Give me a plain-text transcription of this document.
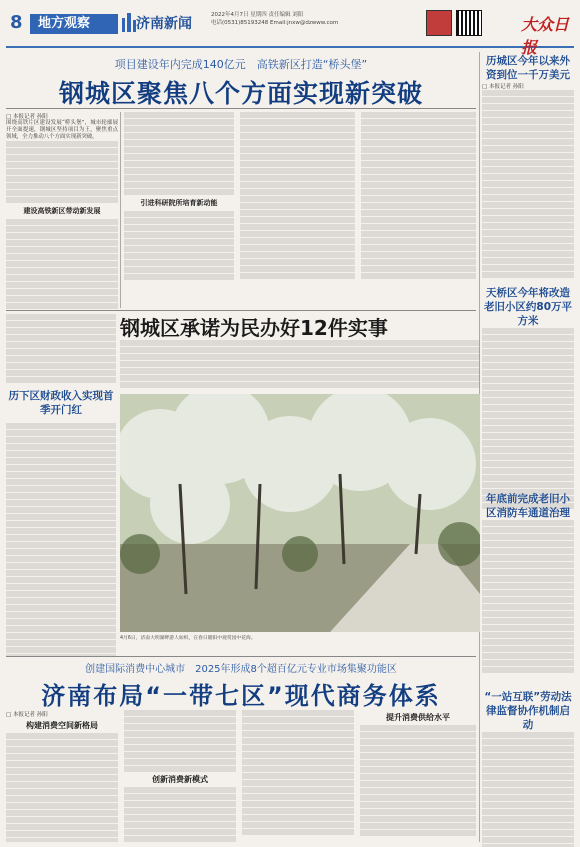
8	地方观察	济南新闻
2022年4月7日 星期四 责任编辑 刘阳
电话(0531)85193248 Email:jnxw@dzwww.com	大众日报
项目建设年内完成140亿元　高铁新区打造“桥头堡”
钢城区聚焦八个方面实现新突破
□ 本报记者 孙阳
围绕高铁片区建设发展“桥头堡”，城市轮廓展开全面提速，钢城区坚持项目为王，聚焦重点领域，全力推动八个方面实现新突破。
建设高铁新区带动新发展
引进科研院所培育新动能
历城区今年以来外资到位一千万美元
□ 本报记者 孙阳
天桥区今年将改造老旧小区约80万平方米
年底前完成老旧小区消防车通道治理
“一站互联”劳动法律监督协作机制启动
历下区财政收入实现首季开门红
钢城区承诺为民办好12件实事
4月6日，济南大明湖畔游人如织，在春日暖阳中观赏园中花海。
创建国际消费中心城市　2025年形成8个超百亿元专业市场集聚功能区
济南布局“一带七区”现代商务体系
□ 本报记者 孙阳
构建消费空间新格局
创新消费新模式
提升消费供给水平
